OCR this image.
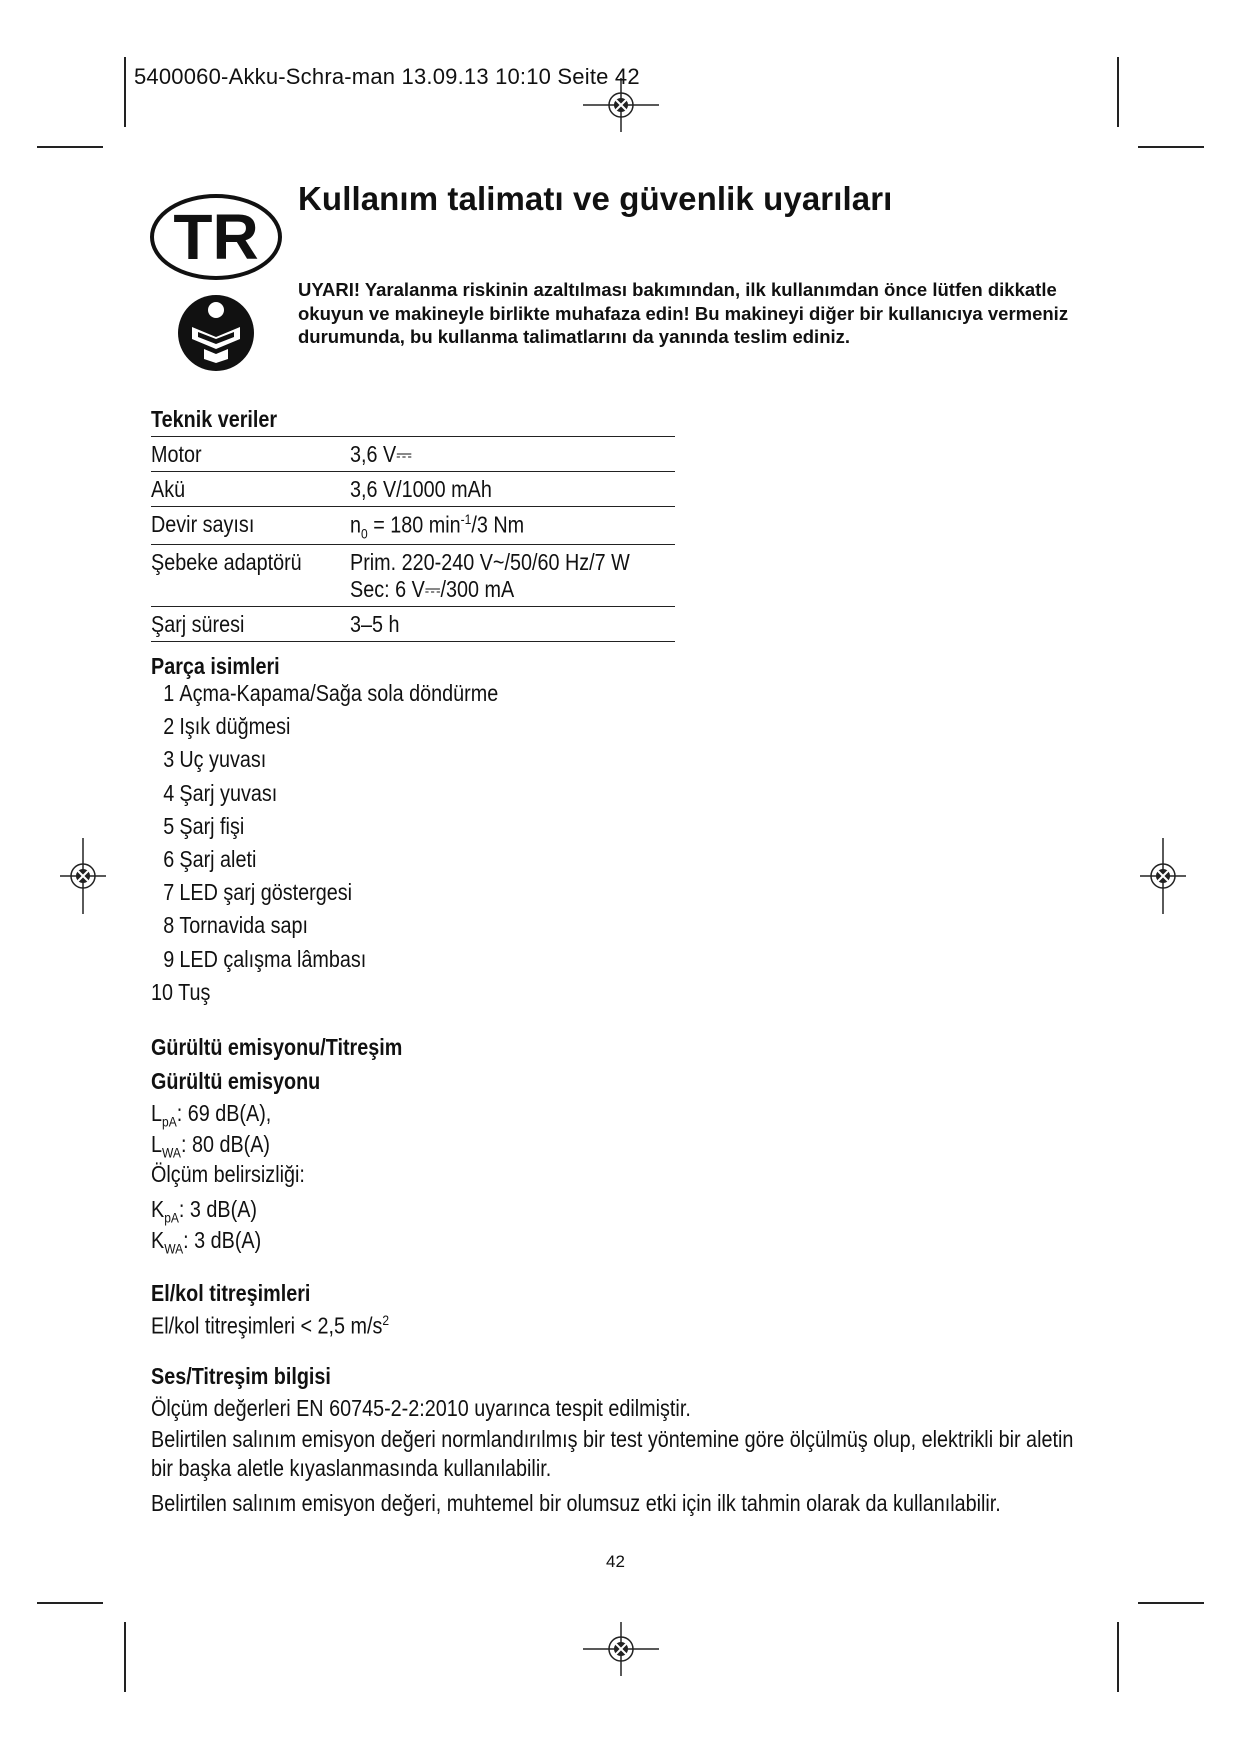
5400060-Akku-Schra-man 13.09.13 10:10 Seite 42
TR
Kullanım talimatı ve güvenlik uyarıları
UYARI! Yaralanma riskinin azaltılması bakımından, ilk kullanımdan önce lütfen dikkatle okuyun ve makineyle birlikte muhafaza edin! Bu makineyi diğer bir kullanıcıya vermeniz durumunda, bu kullanma talimatlarını da yanında teslim ediniz.
Teknik veriler
Motor	3,6 V⎓
Akü	3,6 V/1000 mAh
Devir sayısı	$n_0 = 180$ $\min^{-1}/3$ Nm
Şebeke adaptörü	Prim. 220-240 V~/50/60 Hz/7 W
Sec: 6 V⎓/300 mA
Şarj süresi	3–5 h
Parça isimleri
1 Açma-Kapama/Sağa sola döndürme
2 Işık düğmesi
3 Uç yuvası
4 Şarj yuvası
5 Şarj fişi
6 Şarj aleti
7 LED şarj göstergesi
8 Tornavida sapı
9 LED çalışma lâmbası
10 Tuş
Gürültü emisyonu/Titreşim
Gürültü emisyonu
$L_{pA}$: 69 dB(A),
$L_{WA}$: 80 dB(A)
Ölçüm belirsizliği:
$K_{pA}$: 3 dB(A)
$K_{WA}$: 3 dB(A)
El/kol titreşimleri
El/kol titreşimleri < 2,5 $m/s^2$
Ses/Titreşim bilgisi
Ölçüm değerleri EN 60745-2-2:2010 uyarınca tespit edilmiştir.
Belirtilen salınım emisyon değeri normlandırılmış bir test yöntemine göre ölçülmüş olup, elektrikli bir aletin
bir başka aletle kıyaslanmasında kullanılabilir.
Belirtilen salınım emisyon değeri, muhtemel bir olumsuz etki için ilk tahmin olarak da kullanılabilir.
42
